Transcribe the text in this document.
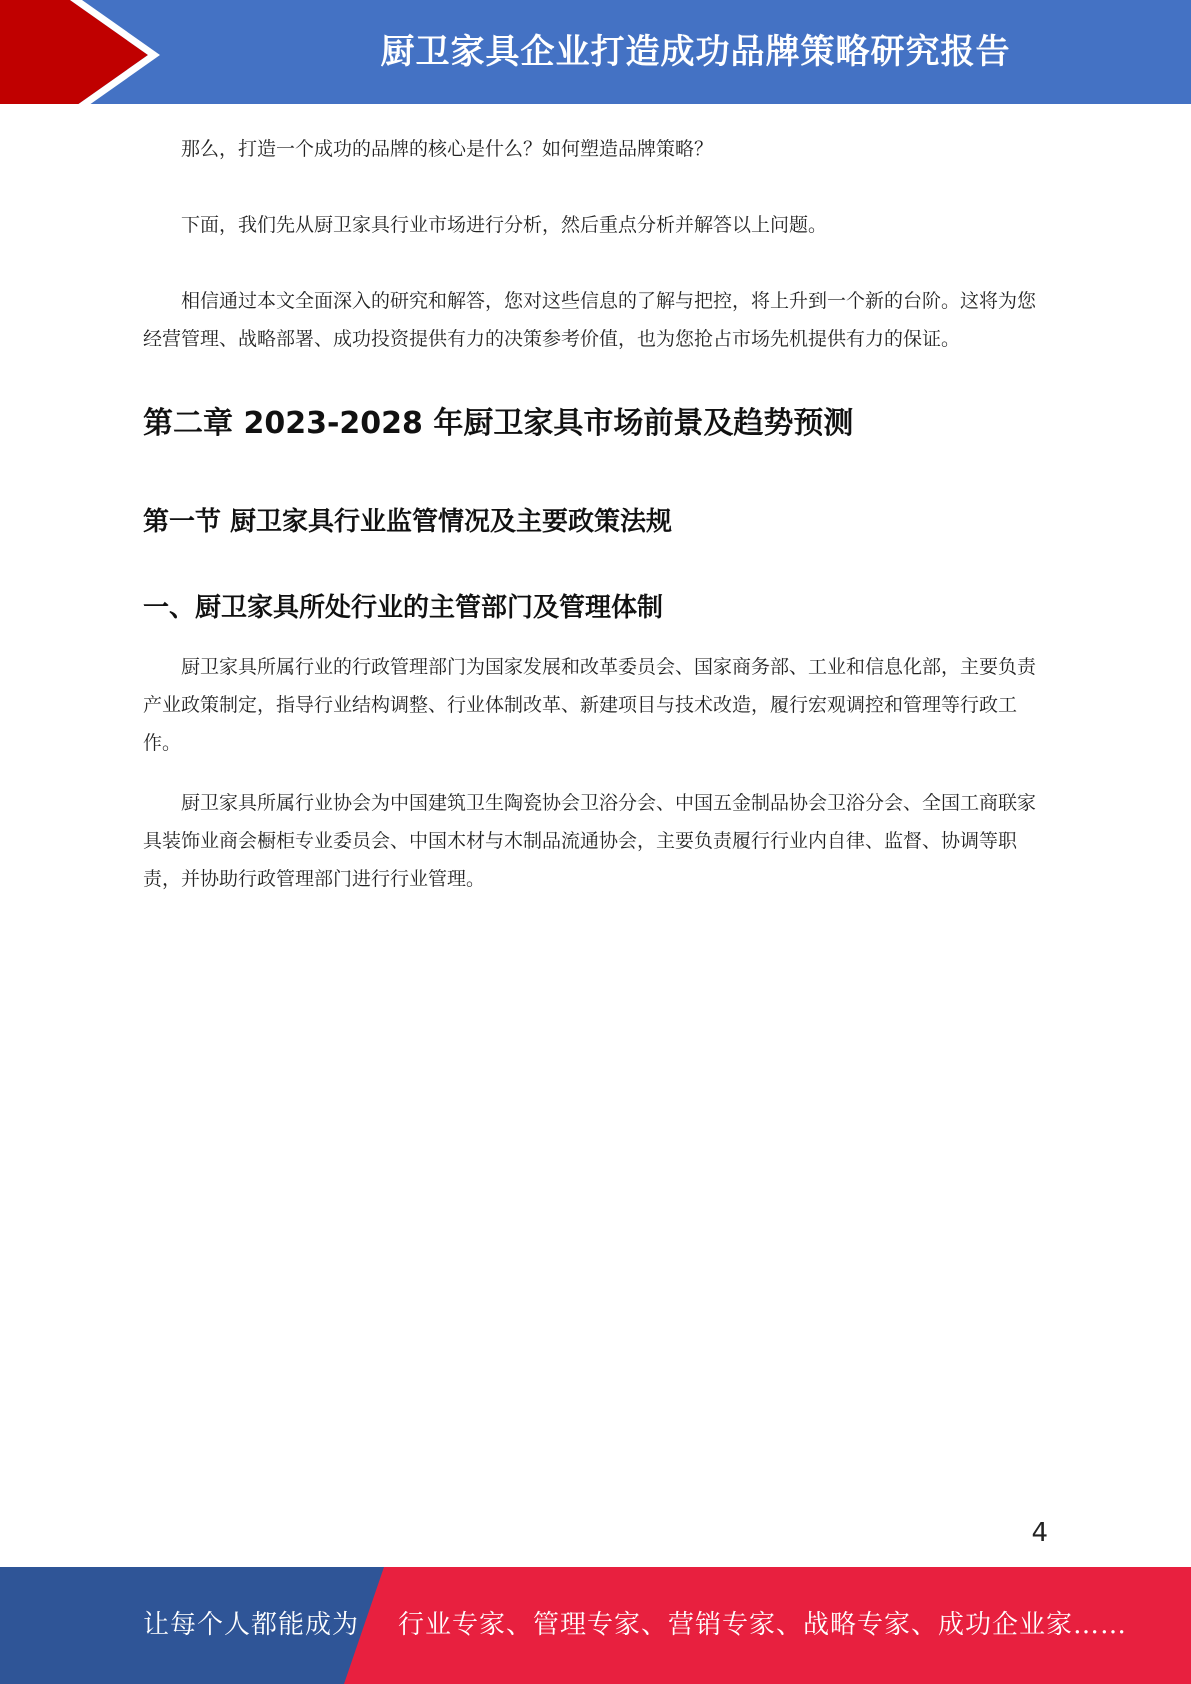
厨卫家具企业打造成功品牌策略研究报告

那么，打造一个成功的品牌的核心是什么？如何塑造品牌策略？

下面，我们先从厨卫家具行业市场进行分析，然后重点分析并解答以上问题。

相信通过本文全面深入的研究和解答，您对这些信息的了解与把控，将上升到一个新的台阶。这将为您经营管理、战略部署、成功投资提供有力的决策参考价值，也为您抢占市场先机提供有力的保证。

第二章 2023-2028 年厨卫家具市场前景及趋势预测
第一节 厨卫家具行业监管情况及主要政策法规
一、厨卫家具所处行业的主管部门及管理体制

厨卫家具所属行业的行政管理部门为国家发展和改革委员会、国家商务部、工业和信息化部，主要负责产业政策制定，指导行业结构调整、行业体制改革、新建项目与技术改造，履行宏观调控和管理等行政工作。

厨卫家具所属行业协会为中国建筑卫生陶瓷协会卫浴分会、中国五金制品协会卫浴分会、全国工商联家具装饰业商会橱柜专业委员会、中国木材与木制品流通协会，主要负责履行行业内自律、监督、协调等职责，并协助行政管理部门进行行业管理。

4
让每个人都能成为 行业专家、管理专家、营销专家、战略专家、成功企业家……
